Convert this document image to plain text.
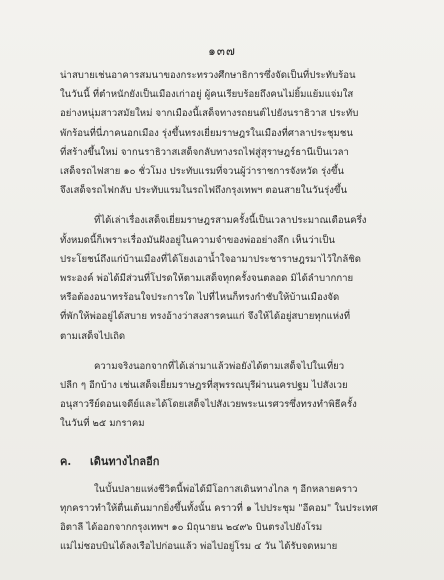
๑๓๗

น่าสบายเช่นอาคารสมนาของกระทรวงศึกษาธิการซึ่งจัดเป็นที่ประทับร้อน
ในวันนี้ ที่ตำหนักยังเป็นเมืองเก่าอยู่ ผู้คนเรียบร้อยถึงคนไม่ยิ้มแย้มแจ่มใส
อย่างหนุ่มสาวสมัยใหม่ จากเมืองนี้เสด็จทางรถยนต์ไปยังนราธิวาส ประทับ
พักร้อนที่นี่ภาคนอกเมือง รุ่งขึ้นทรงเยี่ยมราษฎรในเมืองที่ศาลาประชุมชน
ที่สร้างขึ้นใหม่ จากนราธิวาสเสด็จกลับทางรถไฟสู่สุราษฎร์ธานีเป็นเวลา
เสด็จรถไฟสาย ๑๐ ชั่วโมง ประทับแรมที่จวนผู้ว่าราชการจังหวัด รุ่งขึ้น
จึงเสด็จรถไฟกลับ ประทับแรมในรถไฟถึงกรุงเทพฯ ตอนสายในวันรุ่งขึ้น

ที่ได้เล่าเรื่องเสด็จเยี่ยมราษฎรสามครั้งนี้เป็นเวลาประมาณเดือนครึ่ง
ทั้งหมดนี้ก็เพราะเรื่องมันฝังอยู่ในความจำของพ่ออย่างลึก เห็นว่าเป็น
ประโยชน์ถึงแก่บ้านเมืองที่ได้โยงเอาน้ำใจอามาประชาราษฎรมาไว้ใกล้ชิด
พระองค์ พ่อได้มีส่วนที่โปรดให้ตามเสด็จทุกครั้งจนตลอด มิได้ลำบากกาย
หรือต้องอนาทรร้อนใจประการใด ไปที่ไหนก็ทรงกำชับให้บ้านเมืองจัด
ที่พักให้พ่ออยู่ได้สบาย ทรงอ้างว่าสงสารคนแก่ จึงให้ได้อยู่สบายทุกแห่งที่
ตามเสด็จไปเถิด

ความจริงนอกจากที่ได้เล่ามาแล้วพ่อยังได้ตามเสด็จไปในเที่ยว
ปลีก ๆ อีกบ้าง เช่นเสด็จเยี่ยมราษฎรที่สุพรรณบุรีผ่านนครปฐม ไปสังเวย
อนุสาวรีย์ดอนเจดีย์และได้โดยเสด็จไปสังเวยพระนเรศวรซึ่งทรงทำพิธีครั้ง
ในวันที่ ๒๕ มกราคม

ค. เดินทางไกลอีก

ในบั้นปลายแห่งชีวิตนี้พ่อได้มีโอกาสเดินทางไกล ๆ อีกหลายคราว
ทุกคราวทำให้ตื่นเต้นมากยิ่งขึ้นทั้งนั้น คราวที่ ๑ ไปประชุม "อีคอม" ในประเทศ
อิตาลี ได้ออกจากกรุงเทพฯ ๑๐ มิถุนายน ๒๔๙๖ บินตรงไปยังโรม
แม่ไม่ชอบบินได้ลงเรือไปก่อนแล้ว พ่อไปอยู่โรม ๔ วัน ได้รับจดหมาย
